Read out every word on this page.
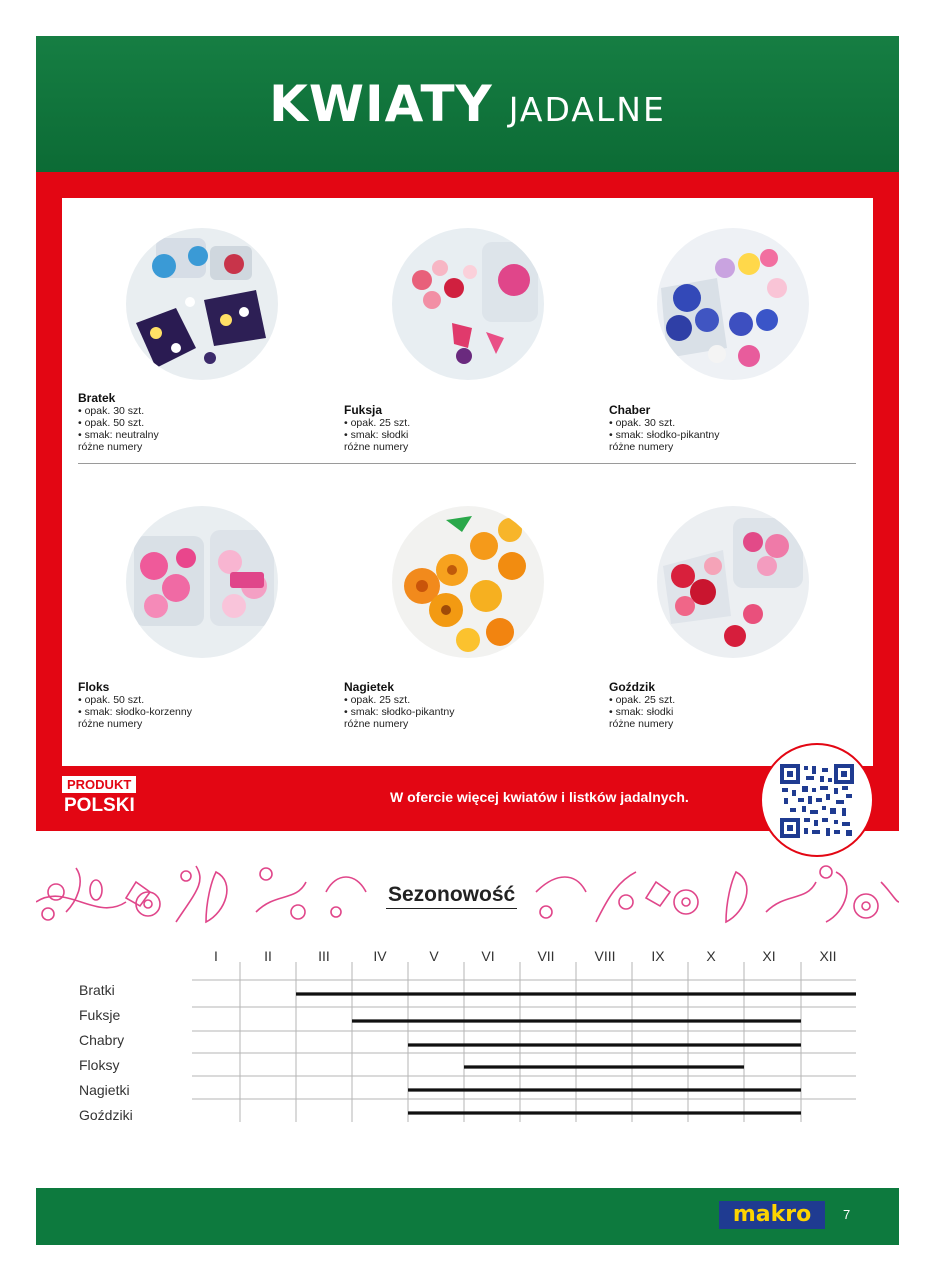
KWIATY JADALNE
Bratek
• opak. 30 szt.
• opak. 50 szt.
• smak: neutralny
różne numery
Fuksja
• opak. 25 szt.
• smak: słodki
różne numery
Chaber
• opak. 30 szt.
• smak: słodko-pikantny
różne numery
Floks
• opak. 50 szt.
• smak: słodko-korzenny
różne numery
Nagietek
• opak. 25 szt.
• smak: słodko-pikantny
różne numery
Goździk
• opak. 25 szt.
• smak: słodki
różne numery
PRODUKT
POLSKI	W ofercie więcej kwiatów i listków jadalnych.
Sezonowość
I	II	III	IV	V	VI	VII	VIII	IX	X	XI	XII
Bratki
Fuksje
Chabry
Floksy
Nagietki
Goździki
makro	7
